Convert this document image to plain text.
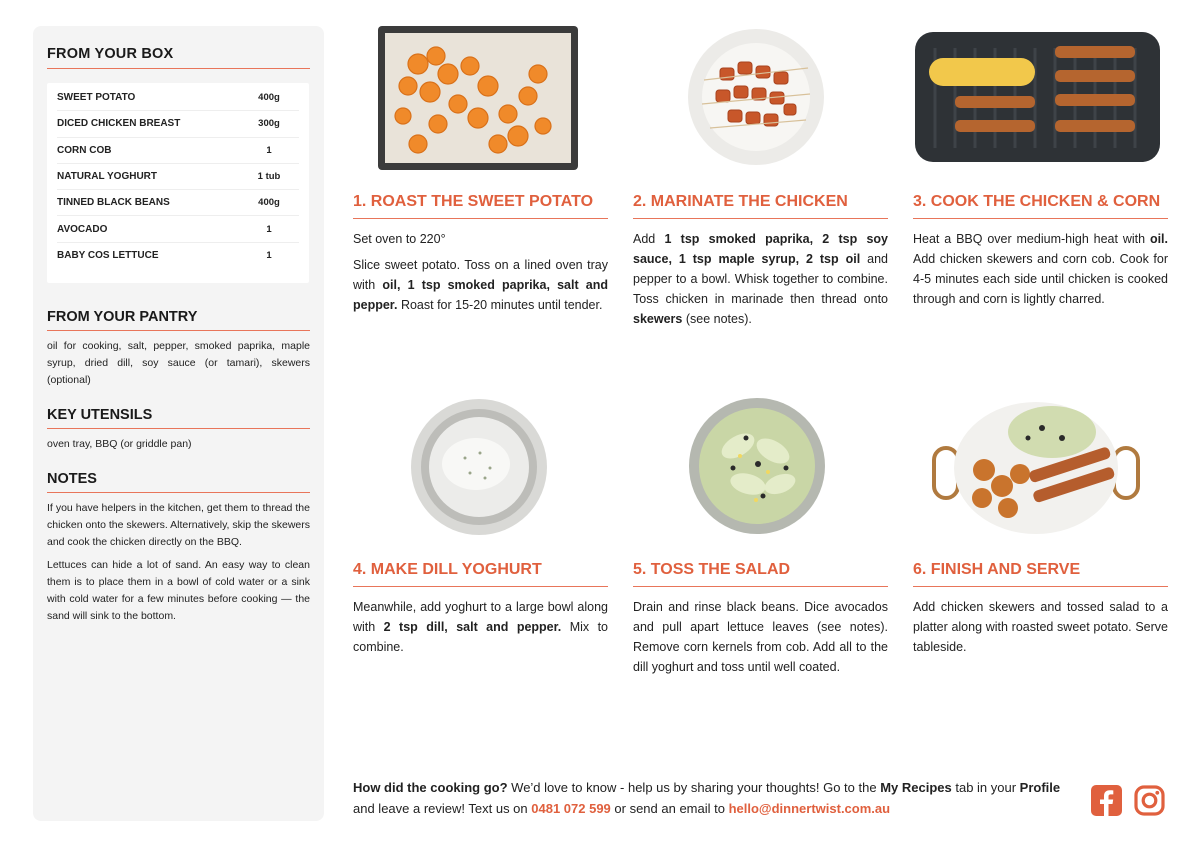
FROM YOUR BOX
SWEET POTATO	400g
DICED CHICKEN BREAST	300g
CORN COB	1
NATURAL YOGHURT	1 tub
TINNED BLACK BEANS	400g
AVOCADO	1
BABY COS LETTUCE	1
FROM YOUR PANTRY

oil for cooking, salt, pepper, smoked paprika, maple syrup, dried dill, soy sauce (or tamari), skewers (optional)

KEY UTENSILS

oven tray, BBQ (or griddle pan)

NOTES

If you have helpers in the kitchen, get them to thread the chicken onto the skewers. Alternatively, skip the skewers and cook the chicken directly on the BBQ.

Lettuces can hide a lot of sand. An easy way to clean them is to place them in a bowl of cold water or a sink with cold water for a few minutes before cooking — the sand will sink to the bottom.

1. ROAST THE SWEET POTATO

Set oven to 220°

Slice sweet potato. Toss on a lined oven tray with oil, 1 tsp smoked paprika, salt and pepper. Roast for 15-20 minutes until tender.

2. MARINATE THE CHICKEN

Add 1 tsp smoked paprika, 2 tsp soy sauce, 1 tsp maple syrup, 2 tsp oil and pepper to a bowl. Whisk together to combine. Toss chicken in marinade then thread onto skewers (see notes).

3. COOK THE CHICKEN & CORN

Heat a BBQ over medium-high heat with oil. Add chicken skewers and corn cob. Cook for 4-5 minutes each side until chicken is cooked through and corn is lightly charred.

4. MAKE DILL YOGHURT

Meanwhile, add yoghurt to a large bowl along with 2 tsp dill, salt and pepper. Mix to combine.

5. TOSS THE SALAD

Drain and rinse black beans. Dice avocados and pull apart lettuce leaves (see notes). Remove corn kernels from cob. Add all to the dill yoghurt and toss until well coated.

6. FINISH AND SERVE

Add chicken skewers and tossed salad to a platter along with roasted sweet potato. Serve tableside.

How did the cooking go? We’d love to know - help us by sharing your thoughts! Go to the My Recipes tab in your Profile and leave a review! Text us on 0481 072 599 or send an email to hello@dinnertwist.com.au
